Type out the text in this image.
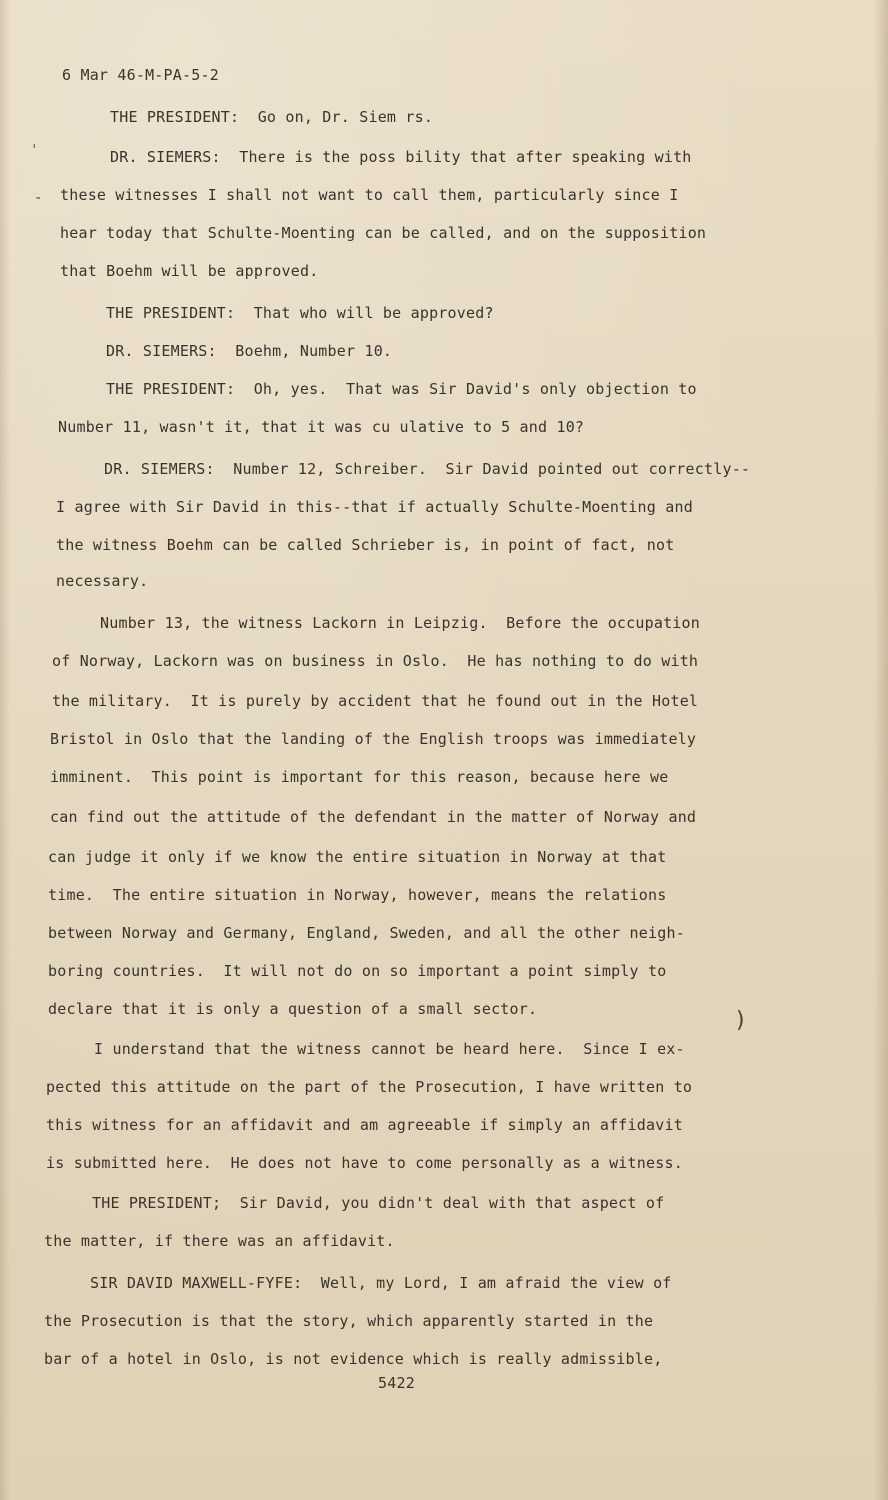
6 Mar 46-M-PA-5-2
ˌ
-
)
THE PRESIDENT:  Go on, Dr. Siem rs.
DR. SIEMERS:  There is the poss bility that after speaking with
these witnesses I shall not want to call them, particularly since I
hear today that Schulte-Moenting can be called, and on the supposition
that Boehm will be approved.
THE PRESIDENT:  That who will be approved?
DR. SIEMERS:  Boehm, Number 10.
THE PRESIDENT:  Oh, yes.  That was Sir David's only objection to
Number 11, wasn't it, that it was cu ulative to 5 and 10?
DR. SIEMERS:  Number 12, Schreiber.  Sir David pointed out correctly--
I agree with Sir David in this--that if actually Schulte-Moenting and
the witness Boehm can be called Schrieber is, in point of fact, not
necessary.
Number 13, the witness Lackorn in Leipzig.  Before the occupation
of Norway, Lackorn was on business in Oslo.  He has nothing to do with
the military.  It is purely by accident that he found out in the Hotel
Bristol in Oslo that the landing of the English troops was immediately
imminent.  This point is important for this reason, because here we
can find out the attitude of the defendant in the matter of Norway and
can judge it only if we know the entire situation in Norway at that
time.  The entire situation in Norway, however, means the relations
between Norway and Germany, England, Sweden, and all the other neigh-
boring countries.  It will not do on so important a point simply to
declare that it is only a question of a small sector.
I understand that the witness cannot be heard here.  Since I ex-
pected this attitude on the part of the Prosecution, I have written to
this witness for an affidavit and am agreeable if simply an affidavit
is submitted here.  He does not have to come personally as a witness.
THE PRESIDENT;  Sir David, you didn't deal with that aspect of
the matter, if there was an affidavit.
SIR DAVID MAXWELL-FYFE:  Well, my Lord, I am afraid the view of
the Prosecution is that the story, which apparently started in the
bar of a hotel in Oslo, is not evidence which is really admissible,
5422
